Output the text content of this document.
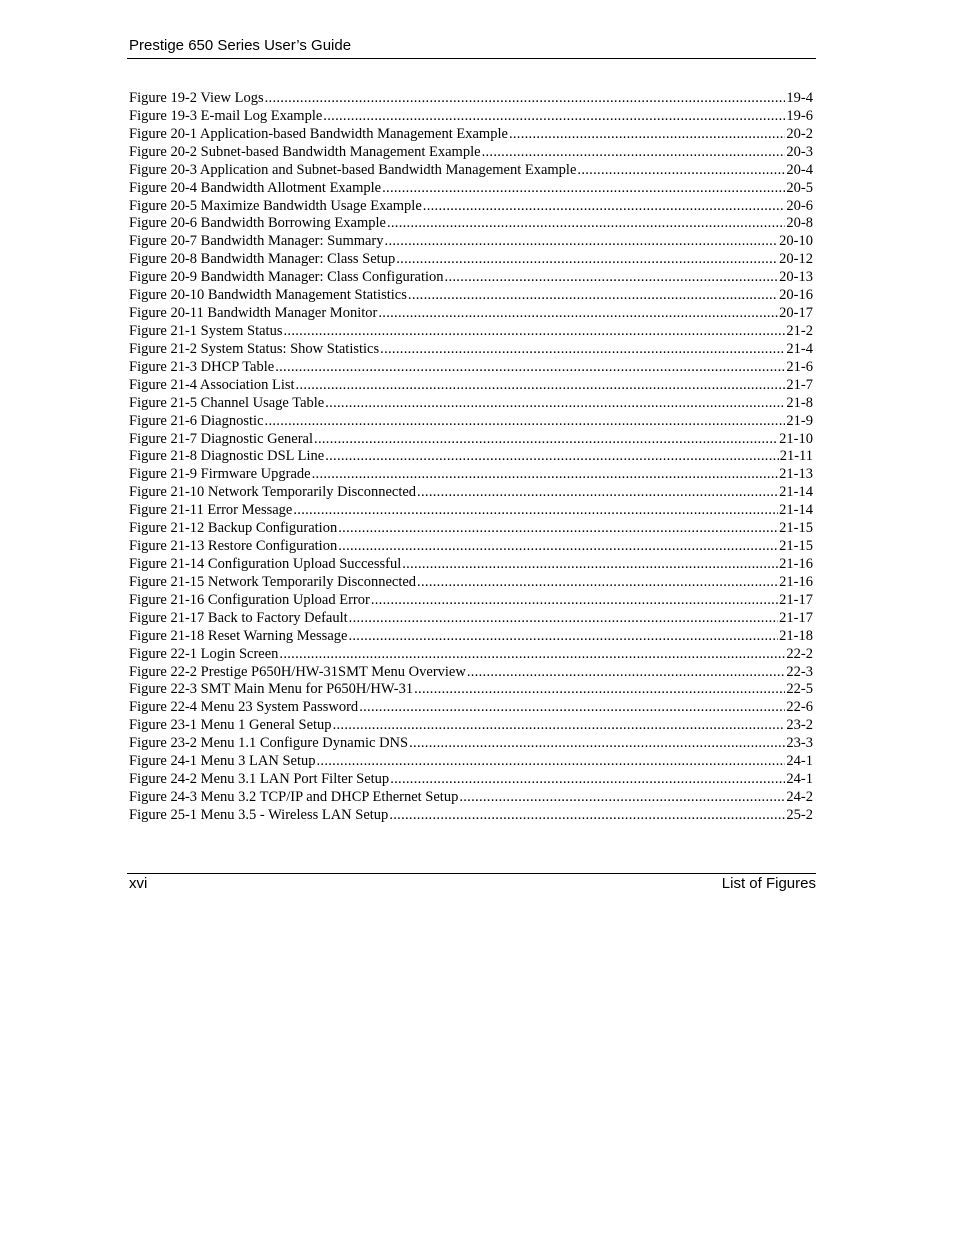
Prestige 650 Series User’s Guide
Figure 19-2 View Logs .....	19-4
Figure 19-3 E-mail Log Example .....	19-6
Figure 20-1 Application-based Bandwidth Management Example .....	20-2
Figure 20-2 Subnet-based Bandwidth Management Example .....	20-3
Figure 20-3 Application and Subnet-based Bandwidth Management Example .....	20-4
Figure 20-4 Bandwidth Allotment Example .....	20-5
Figure 20-5 Maximize Bandwidth Usage Example .....	20-6
Figure 20-6 Bandwidth Borrowing Example .....	20-8
Figure 20-7 Bandwidth Manager: Summary .....	20-10
Figure 20-8 Bandwidth Manager: Class Setup .....	20-12
Figure 20-9 Bandwidth Manager: Class Configuration .....	20-13
Figure 20-10 Bandwidth Management Statistics .....	20-16
Figure 20-11 Bandwidth Manager Monitor .....	20-17
Figure 21-1 System Status .....	21-2
Figure 21-2 System Status: Show Statistics .....	21-4
Figure 21-3 DHCP Table .....	21-6
Figure 21-4 Association List .....	21-7
Figure 21-5 Channel Usage Table .....	21-8
Figure 21-6 Diagnostic .....	21-9
Figure 21-7 Diagnostic General .....	21-10
Figure 21-8 Diagnostic DSL Line .....	21-11
Figure 21-9 Firmware Upgrade .....	21-13
Figure 21-10 Network Temporarily Disconnected .....	21-14
Figure 21-11 Error Message .....	21-14
Figure 21-12 Backup Configuration .....	21-15
Figure 21-13 Restore Configuration .....	21-15
Figure 21-14 Configuration Upload Successful .....	21-16
Figure 21-15 Network Temporarily Disconnected .....	21-16
Figure 21-16 Configuration Upload Error .....	21-17
Figure 21-17 Back to Factory Default .....	21-17
Figure 21-18 Reset Warning Message .....	21-18
Figure 22-1 Login Screen .....	22-2
Figure 22-2 Prestige P650H/HW-31SMT Menu Overview .....	22-3
Figure 22-3 SMT Main Menu for P650H/HW-31 .....	22-5
Figure 22-4 Menu 23 System Password .....	22-6
Figure 23-1 Menu 1 General Setup .....	23-2
Figure 23-2 Menu 1.1 Configure Dynamic DNS .....	23-3
Figure 24-1 Menu 3 LAN Setup .....	24-1
Figure 24-2 Menu 3.1 LAN Port Filter Setup .....	24-1
Figure 24-3 Menu 3.2 TCP/IP and DHCP Ethernet Setup .....	24-2
Figure 25-1 Menu 3.5 - Wireless LAN Setup .....	25-2
xvi	List of Figures
